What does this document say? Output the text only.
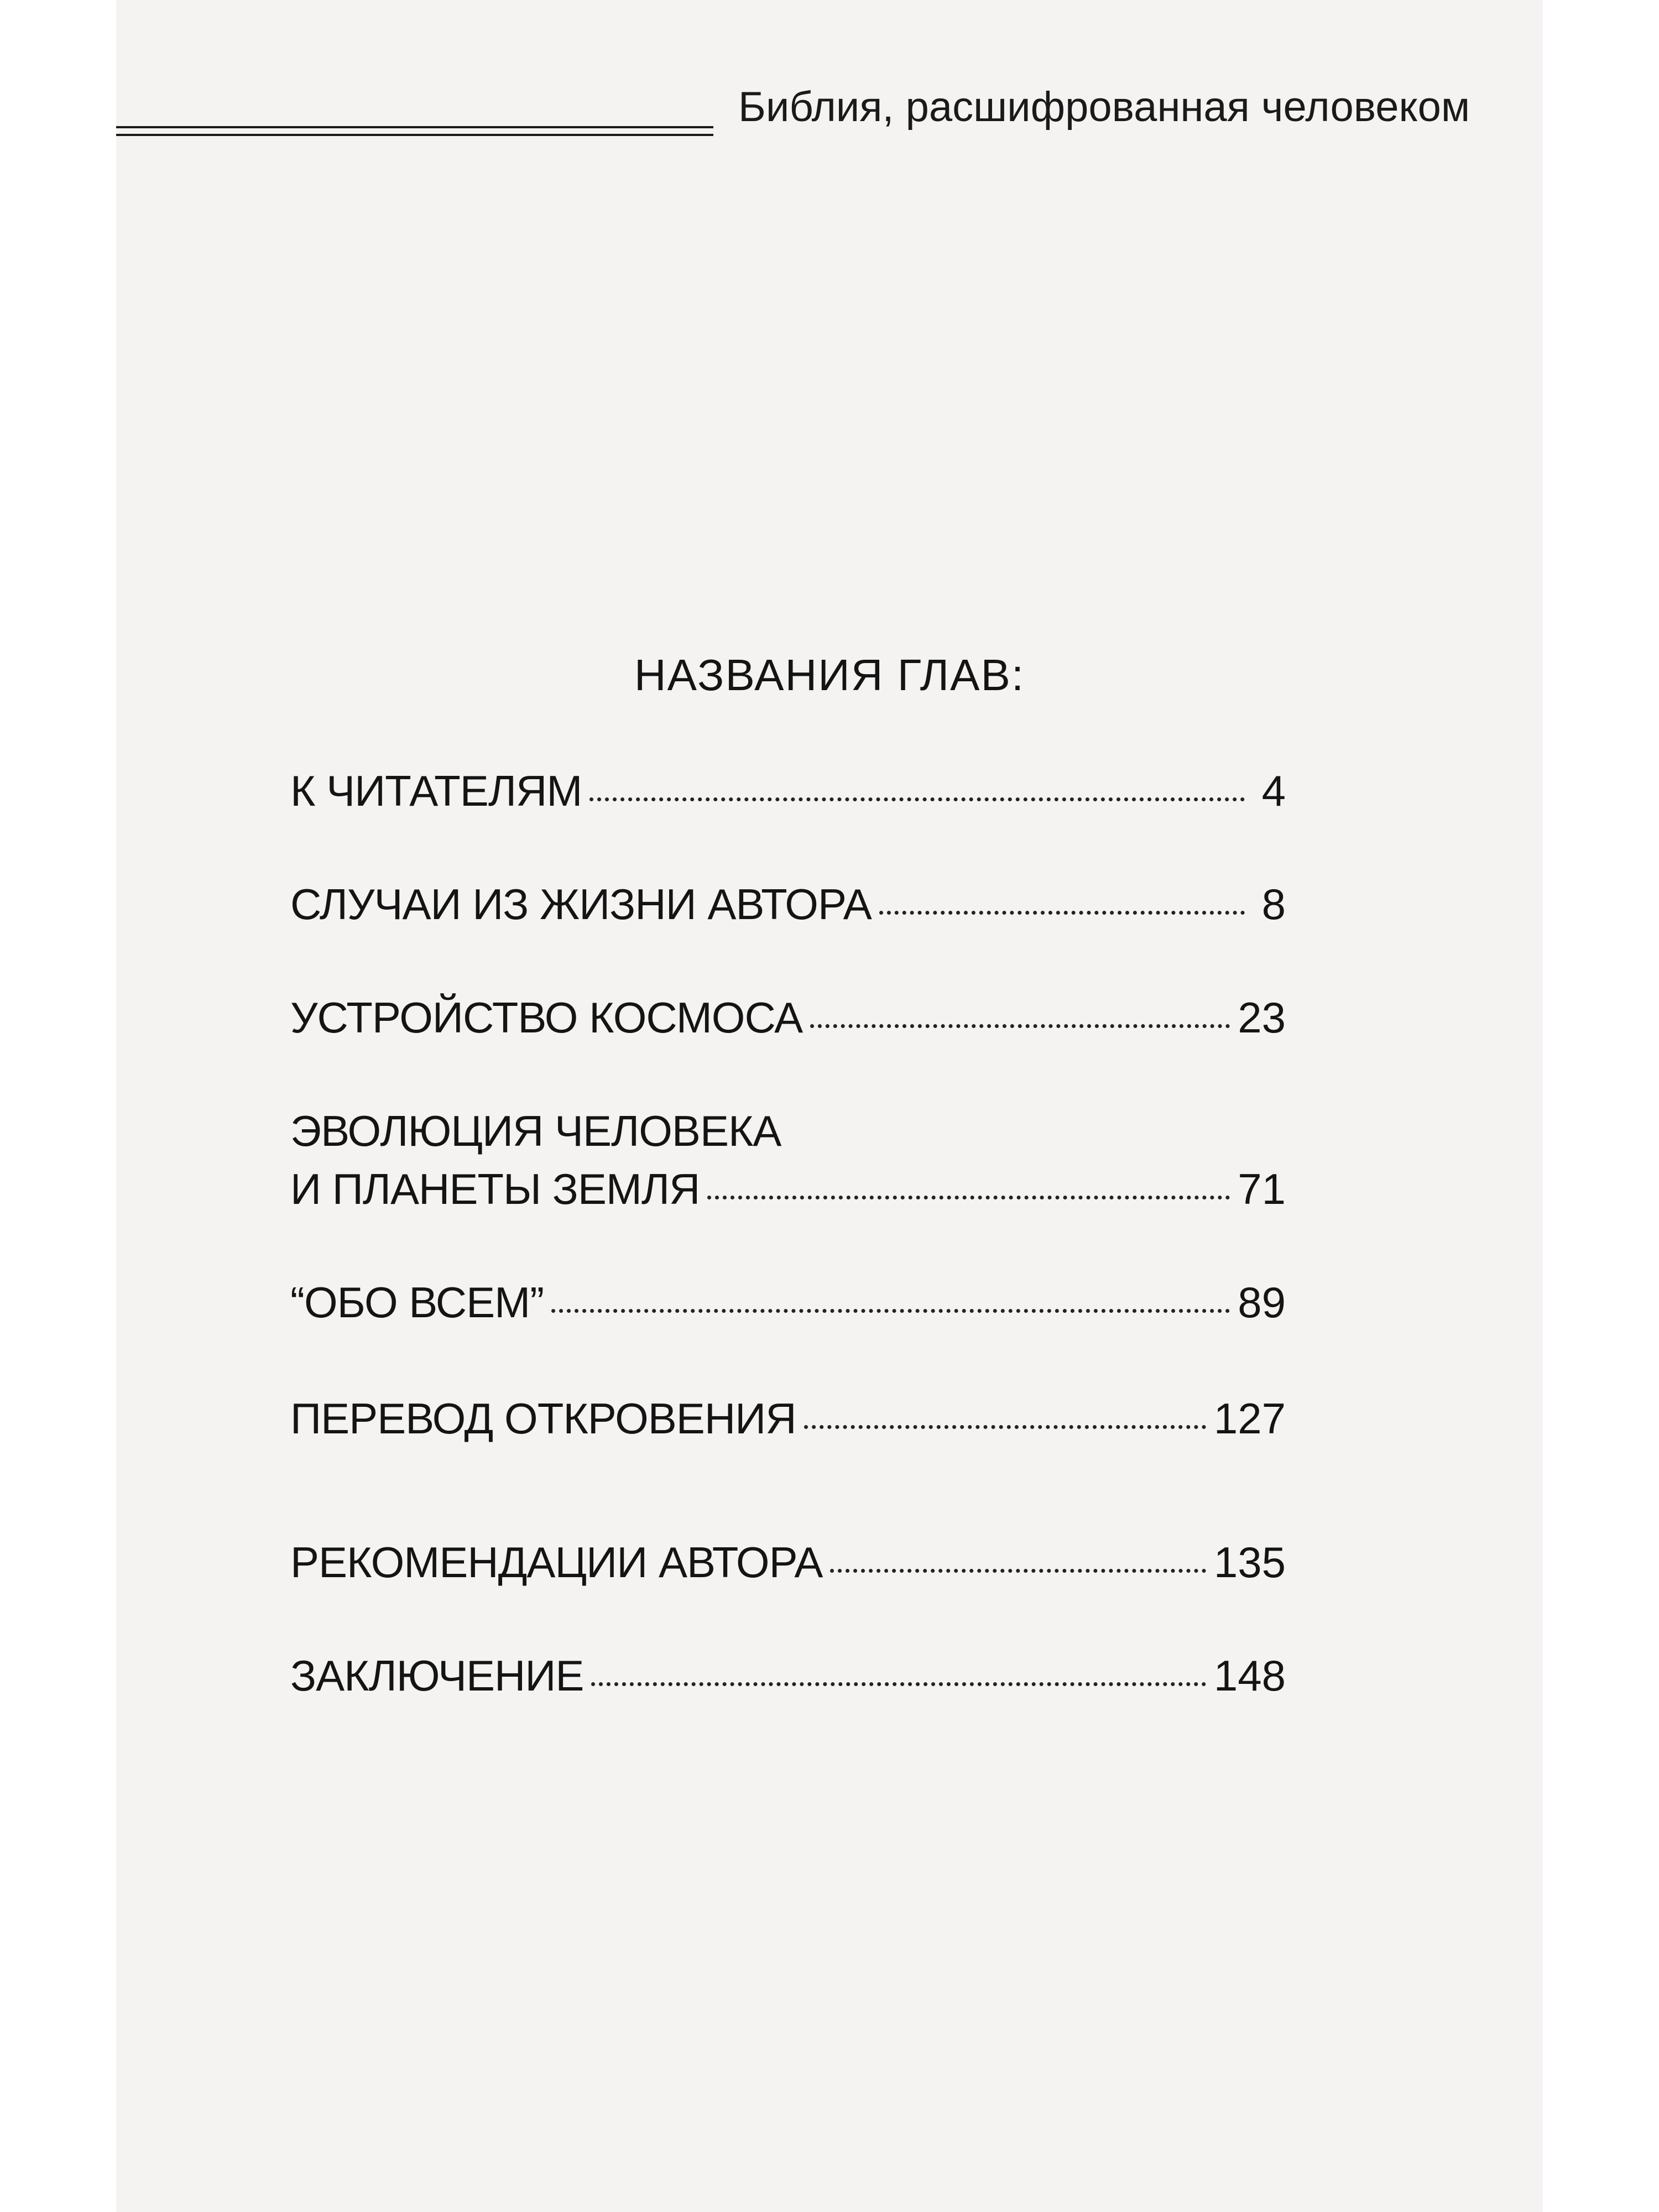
Библия, расшифрованная человеком
НАЗВАНИЯ ГЛАВ:
К ЧИТАТЕЛЯМ	4
СЛУЧАИ ИЗ ЖИЗНИ АВТОРА	8
УСТРОЙСТВО КОСМОСА	23
ЭВОЛЮЦИЯ ЧЕЛОВЕКА
И ПЛАНЕТЫ ЗЕМЛЯ	71
“ОБО ВСЕМ”	89
ПЕРЕВОД ОТКРОВЕНИЯ	127
РЕКОМЕНДАЦИИ АВТОРА	135
ЗАКЛЮЧЕНИЕ	148
